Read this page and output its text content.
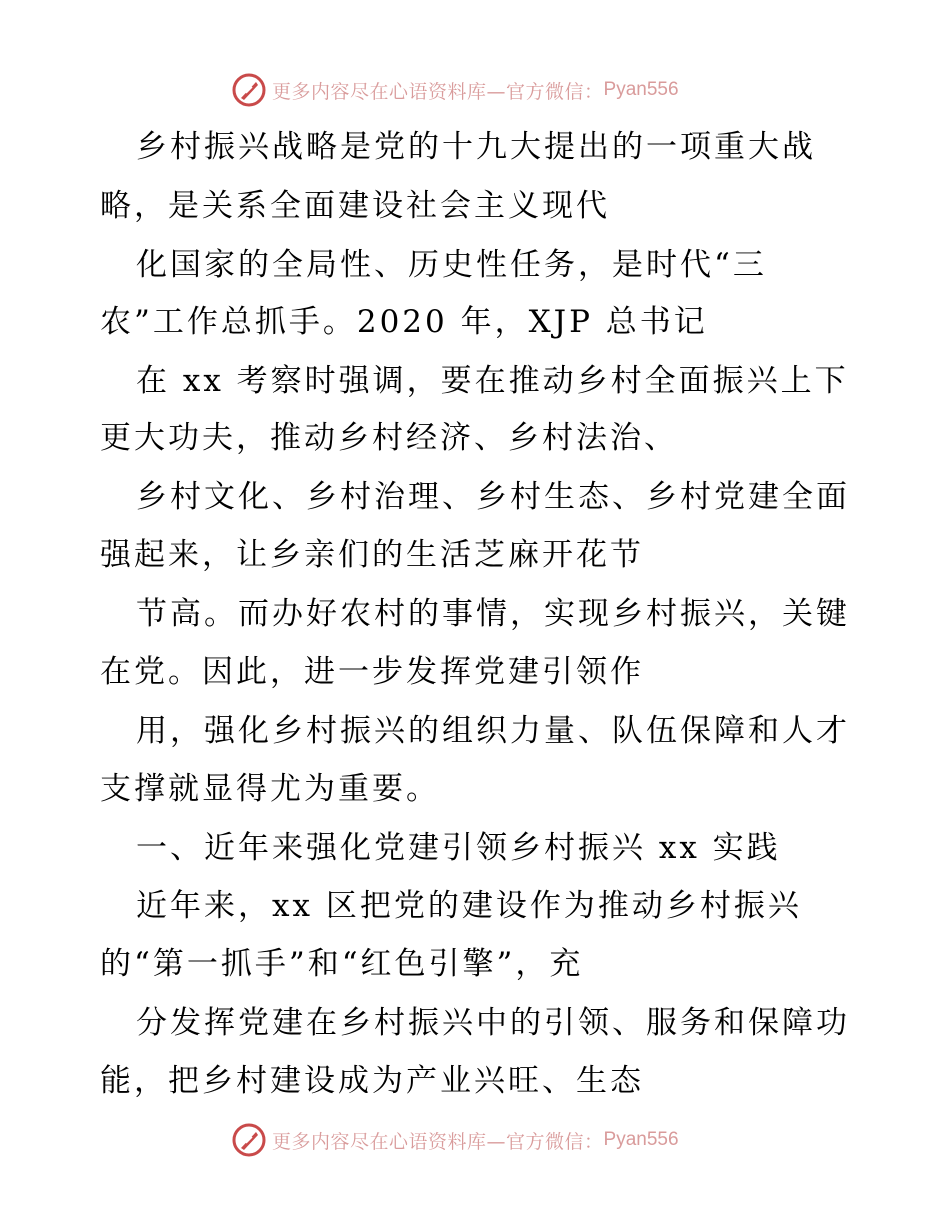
更多内容尽在心语资料库—官方微信： Pyan556
乡村振兴战略是党的十九大提出的一项重大战
略，是关系全面建设社会主义现代
化国家的全局性、历史性任务，是时代“三
农”工作总抓手。2020 年，XJP 总书记
在 xx 考察时强调，要在推动乡村全面振兴上下
更大功夫，推动乡村经济、乡村法治、
乡村文化、乡村治理、乡村生态、乡村党建全面
强起来，让乡亲们的生活芝麻开花节
节高。而办好农村的事情，实现乡村振兴，关键
在党。因此，进一步发挥党建引领作
用，强化乡村振兴的组织力量、队伍保障和人才
支撑就显得尤为重要。
一、近年来强化党建引领乡村振兴 xx 实践
近年来，xx 区把党的建设作为推动乡村振兴
的“第一抓手”和“红色引擎”，充
分发挥党建在乡村振兴中的引领、服务和保障功
能，把乡村建设成为产业兴旺、生态
更多内容尽在心语资料库—官方微信： Pyan556
